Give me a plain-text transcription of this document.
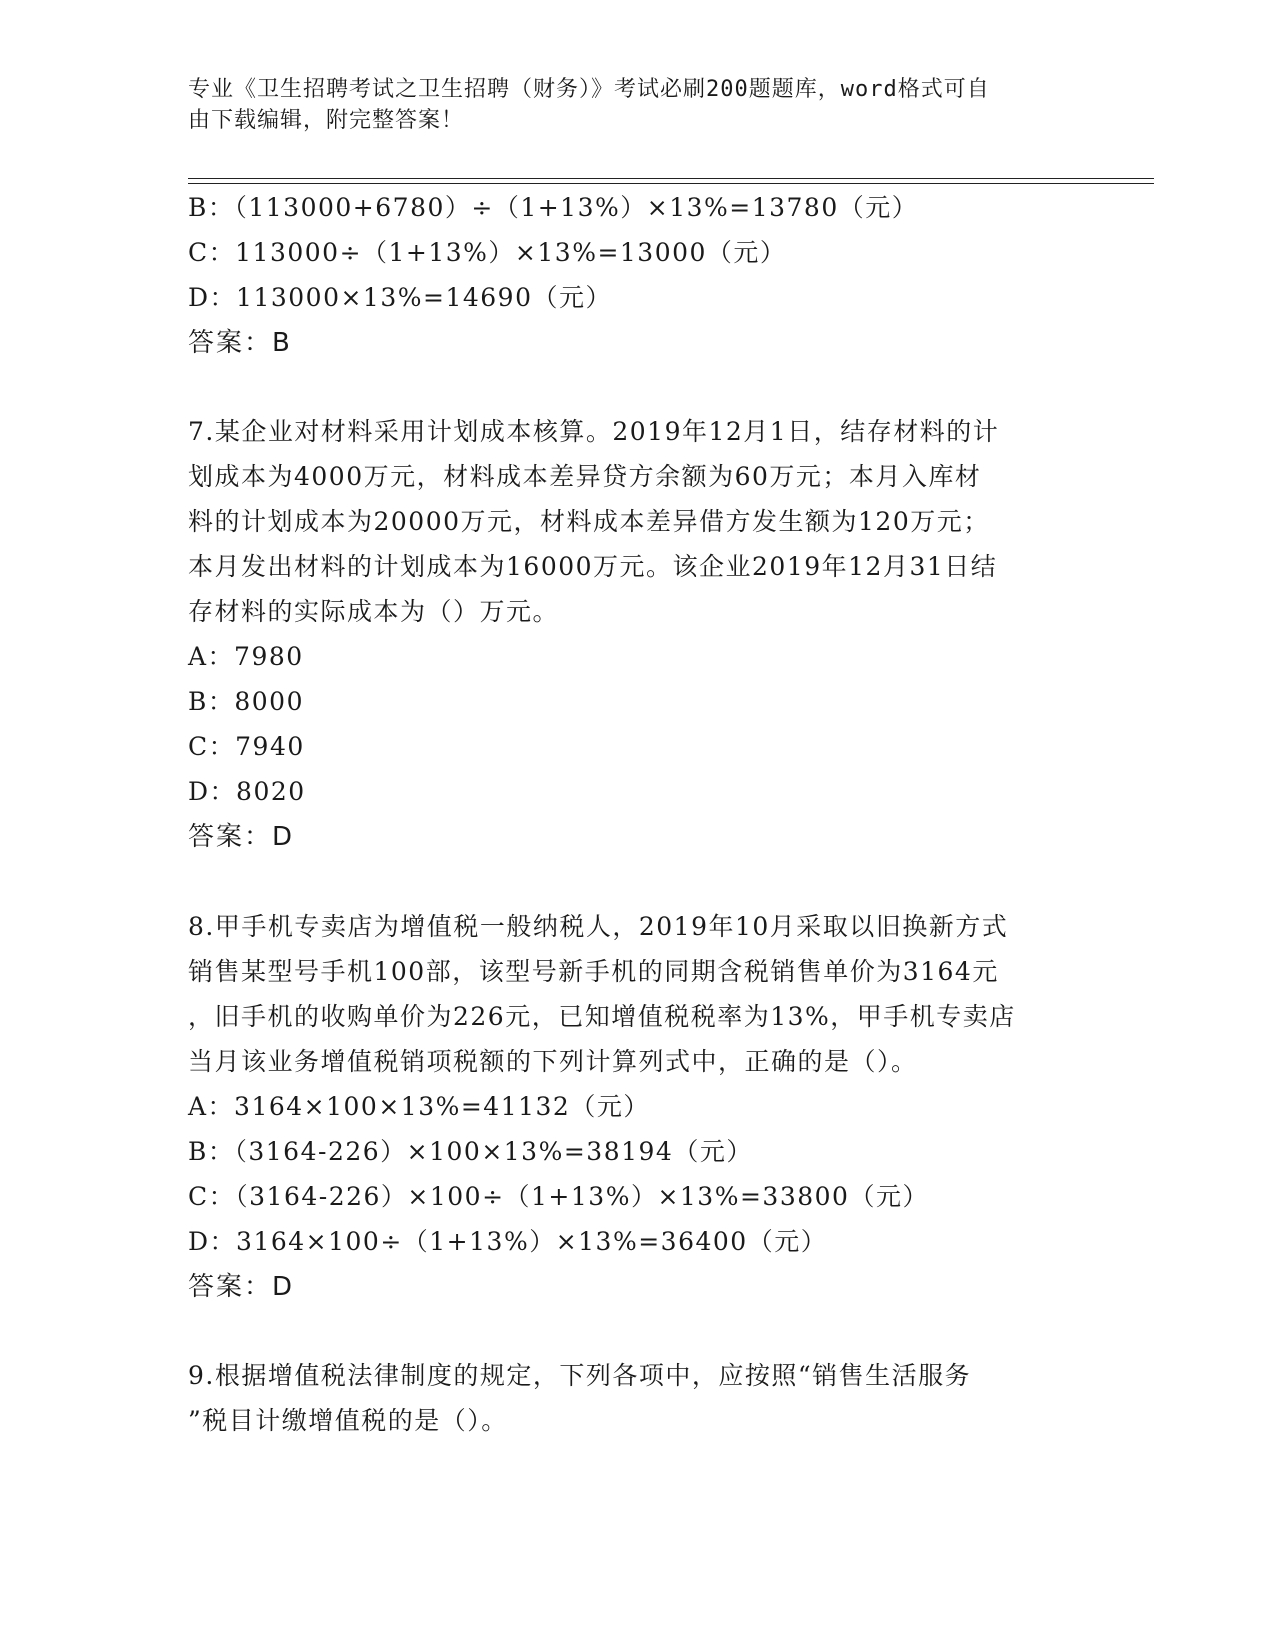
专业《卫生招聘考试之卫生招聘（财务）》考试必刷200题题库，word格式可自
由下载编辑，附完整答案！
B：（113000+6780）÷（1+13%）×13%=13780（元）
C：113000÷（1+13%）×13%=13000（元）
D：113000×13%=14690（元）
答案：B
7.某企业对材料采用计划成本核算。2019年12月1日，结存材料的计
划成本为4000万元，材料成本差异贷方余额为60万元；本月入库材
料的计划成本为20000万元，材料成本差异借方发生额为120万元；
本月发出材料的计划成本为16000万元。该企业2019年12月31日结
存材料的实际成本为（）万元。
A：7980
B：8000
C：7940
D：8020
答案：D
8.甲手机专卖店为增值税一般纳税人，2019年10月采取以旧换新方式
销售某型号手机100部，该型号新手机的同期含税销售单价为3164元
，旧手机的收购单价为226元，已知增值税税率为13%，甲手机专卖店
当月该业务增值税销项税额的下列计算列式中，正确的是（）。
A：3164×100×13%=41132（元）
B：（3164-226）×100×13%=38194（元）
C：（3164-226）×100÷（1+13%）×13%=33800（元）
D：3164×100÷（1+13%）×13%=36400（元）
答案：D
9.根据增值税法律制度的规定，下列各项中，应按照“销售生活服务
”税目计缴增值税的是（）。
